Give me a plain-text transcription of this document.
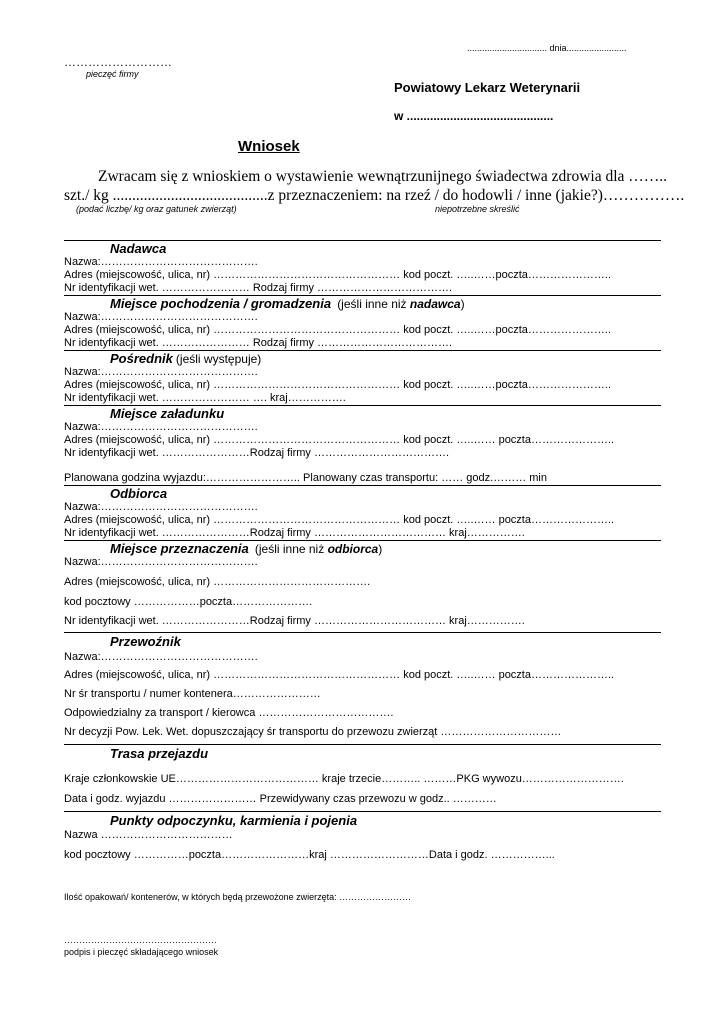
................................ dnia........................
………………………
pieczęć firmy
Powiatowy Lekarz Weterynarii
w ............................................
Wniosek
Zwracam się z wnioskiem o wystawienie wewnątrzunijnego świadectwa zdrowia dla ……..
szt./ kg ........................................z przeznaczeniem: na rzeź / do hodowli / inne (jakie?)…………….
(podać liczbę/ kg oraz gatunek zwierząt)	niepotrzebne skreślić
Nadawca
Nazwa:…………………………………….
Adres (miejscowość, ulica, nr) …………………………………………… kod poczt. …..……poczta…………………..
Nr identyfikacji wet. …………………… Rodzaj firmy ……………………………….
Miejsce pochodzenia / gromadzenia (jeśli inne niż nadawca)
Nazwa:…………………………………….
Adres (miejscowość, ulica, nr) …………………………………………… kod poczt. …..……poczta…………………..
Nr identyfikacji wet. …………………… Rodzaj firmy ……………………………….
Pośrednik (jeśli występuje)
Nazwa:…………………………………….
Adres (miejscowość, ulica, nr) …………………………………………… kod poczt. …..……poczta…………………..
Nr identyfikacji wet. …………………… …. kraj…………….
Miejsce załadunku
Nazwa:…………………………………….
Adres (miejscowość, ulica, nr) …………………………………………… kod poczt. …..…… poczta…………………..
Nr identyfikacji wet. ……………………Rodzaj firmy ……………………………….
Planowana godzina wyjazdu:…………………….. Planowany czas transportu: …… godz.……… min
Odbiorca
Nazwa:…………………………………….
Adres (miejscowość, ulica, nr) …………………………………………… kod poczt. …..…… poczta…………………..
Nr identyfikacji wet. ……………………Rodzaj firmy ……………………………… kraj…………….
Miejsce przeznaczenia (jeśli inne niż odbiorca)
Nazwa:…………………………………….
Adres (miejscowość, ulica, nr) …………………………………….
kod pocztowy ………………poczta………………….
Nr identyfikacji wet. ……………………Rodzaj firmy ……………………………… kraj…………….
Przewoźnik
Nazwa:…………………………………….
Adres (miejscowość, ulica, nr) …………………………………………… kod poczt. …..…… poczta…………………..
Nr śr transportu / numer kontenera……………………
Odpowiedzialny za transport / kierowca ……………………………….
Nr decyzji Pow. Lek. Wet. dopuszczający śr transportu do przewozu zwierząt ……………………………
Trasa przejazdu
Kraje członkowskie UE………………………………… kraje trzecie……….. ………PKG wywozu……………………….
Data i godz. wyjazdu …………………… Przewidywany czas przewozu w godz.. …………
Punkty odpoczynku, karmienia i pojenia
Nazwa ………………………………
kod pocztowy ……………poczta……………………kraj ………………………Data i godz. ……………...
Ilość opakowań/ kontenerów, w których będą przewożone zwierzęta: ……………………
……………………………………………
podpis i pieczęć składającego wniosek
